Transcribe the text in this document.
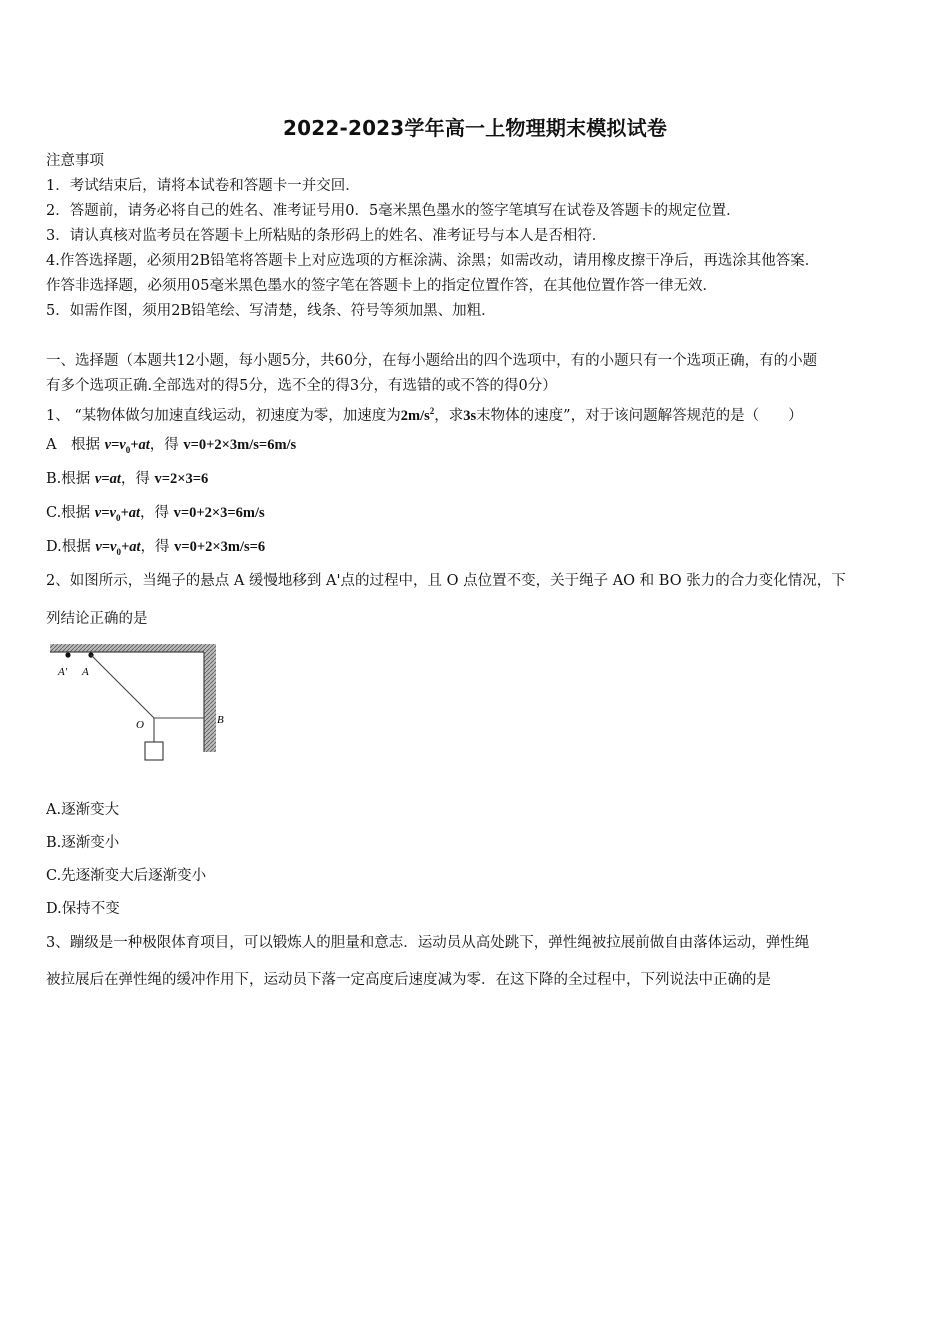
2022-2023学年高一上物理期末模拟试卷
注意事项
1．考试结束后，请将本试卷和答题卡一并交回．
2．答题前，请务必将自己的姓名、准考证号用0．5毫米黑色墨水的签字笔填写在试卷及答题卡的规定位置．
3．请认真核对监考员在答题卡上所粘贴的条形码上的姓名、准考证号与本人是否相符．
4.作答选择题，必须用2B铅笔将答题卡上对应选项的方框涂满、涂黑；如需改动，请用橡皮擦干净后，再选涂其他答案．
作答非选择题，必须用05毫米黑色墨水的签字笔在答题卡上的指定位置作答，在其他位置作答一律无效．
5．如需作图，须用2B铅笔绘、写清楚，线条、符号等须加黑、加粗．
一、选择题（本题共12小题，每小题5分，共60分，在每小题给出的四个选项中，有的小题只有一个选项正确，有的小题
有多个选项正确.全部选对的得5分，选不全的得3分，有选错的或不答的得0分）
1、 “某物体做匀加速直线运动，初速度为零，加速度为$2m/s^2$，求3s末物体的速度”，对于该问题解答规范的是（　　）
A　根据 $v=v_0+at$，得 v=0+2×3m/s=6m/s
B.根据 v=at，得 v=2×3=6
C.根据 $v=v_0+at$，得 v=0+2×3=6m/s
D.根据 $v=v_0+at$，得 v=0+2×3m/s=6
2、如图所示，当绳子的悬点 A 缓慢地移到 A'点的过程中，且 O 点位置不变，关于绳子 AO 和 BO 张力的合力变化情况，下
列结论正确的是
A' A
O	B
A.逐渐变大
B.逐渐变小
C.先逐渐变大后逐渐变小
D.保持不变
3、蹦级是一种极限体育项目，可以锻炼人的胆量和意志．运动员从高处跳下，弹性绳被拉展前做自由落体运动，弹性绳
被拉展后在弹性绳的缓冲作用下，运动员下落一定高度后速度减为零．在这下降的全过程中，下列说法中正确的是
